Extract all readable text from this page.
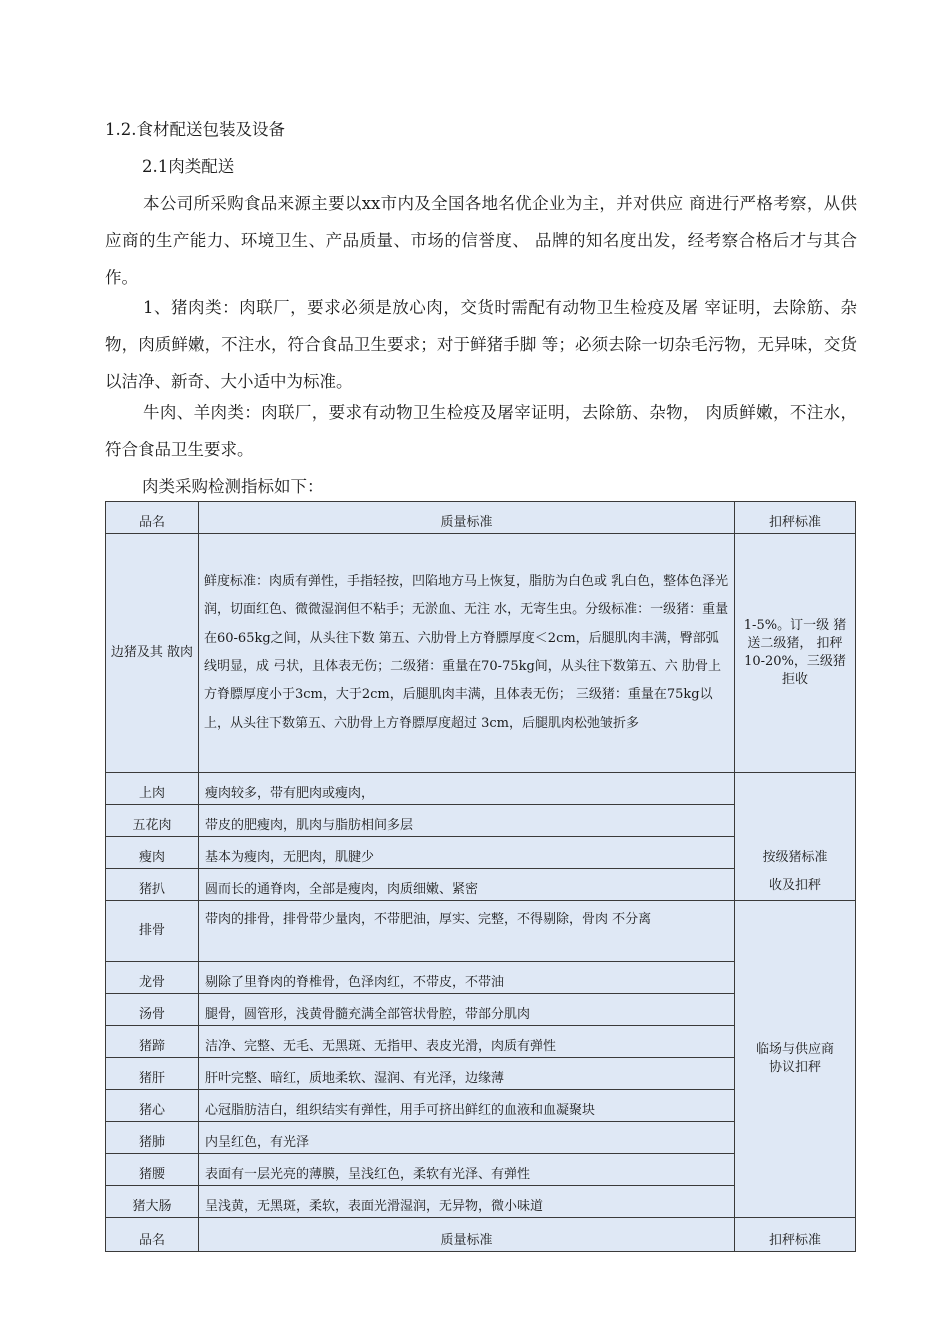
1.2.食材配送包装及设备
2.1肉类配送
本公司所采购食品来源主要以xx市内及全国各地名优企业为主，并对供应 商进行严格考察，从供应商的生产能力、环境卫生、产品质量、市场的信誉度、 品牌的知名度出发，经考察合格后才与其合作。
1、猪肉类：肉联厂，要求必须是放心肉，交货时需配有动物卫生检疫及屠 宰证明，去除筋、杂物，肉质鲜嫩，不注水，符合食品卫生要求；对于鲜猪手脚 等；必须去除一切杂毛污物，无异味，交货以洁净、新奇、大小适中为标准。
牛肉、羊肉类：肉联厂，要求有动物卫生检疫及屠宰证明，去除筋、杂物， 肉质鲜嫩，不注水，符合食品卫生要求。
肉类采购检测指标如下：
品名	质量标准	扣秤标准
边猪及其 散肉	鲜度标准：肉质有弹性，手指轻按，凹陷地方马上恢复，脂肪为白色或 乳白色，整体色泽光润，切面红色、微微湿润但不粘手；无淤血、无注 水，无寄生虫。分级标准：一级猪：重量在60-65kg之间，从头往下数 第五、六肋骨上方脊膘厚度＜2cm，后腿肌肉丰满，臀部弧线明显，成 弓状，且体表无伤；二级猪：重量在70-75kg间，从头往下数第五、六 肋骨上方脊膘厚度小于3cm，大于2cm，后腿肌肉丰满，且体表无伤； 三级猪：重量在75kg以上，从头往下数第五、六肋骨上方脊膘厚度超过 3cm，后腿肌肉松弛皱折多	1-5%。订一级 猪送二级猪， 扣秤10-20%，三级猪拒收
上肉	瘦肉较多，带有肥肉或瘦肉，	按级猪标准
收及扣秤

五花肉	带皮的肥瘦肉，肌肉与脂肪相间多层	
瘦肉	基本为瘦肉，无肥肉，肌腱少	
猪扒	圆而长的通脊肉，全部是瘦肉，肉质细嫩、紧密	
排骨	带肉的排骨，排骨带少量肉，不带肥油，厚实、完整，不得剔除，骨肉 不分离	临场与供应商
协议扣秤

龙骨	剔除了里脊肉的脊椎骨，色泽肉红，不带皮，不带油	
汤骨	腿骨，圆管形，浅黄骨髓充满全部管状骨腔，带部分肌肉	
猪蹄	洁净、完整、无毛、无黑斑、无指甲、表皮光滑，肉质有弹性	
猪肝	肝叶完整、暗红，质地柔软、湿润、有光泽，边缘薄	
猪心	心冠脂肪洁白，组织结实有弹性，用手可挤出鲜红的血液和血凝聚块	
猪肺	内呈红色，有光泽	
猪腰	表面有一层光亮的薄膜，呈浅红色，柔软有光泽、有弹性	
猪大肠	呈浅黄，无黑斑，柔软，表面光滑湿润，无异物，微小味道	
品名	质量标准	扣秤标准
